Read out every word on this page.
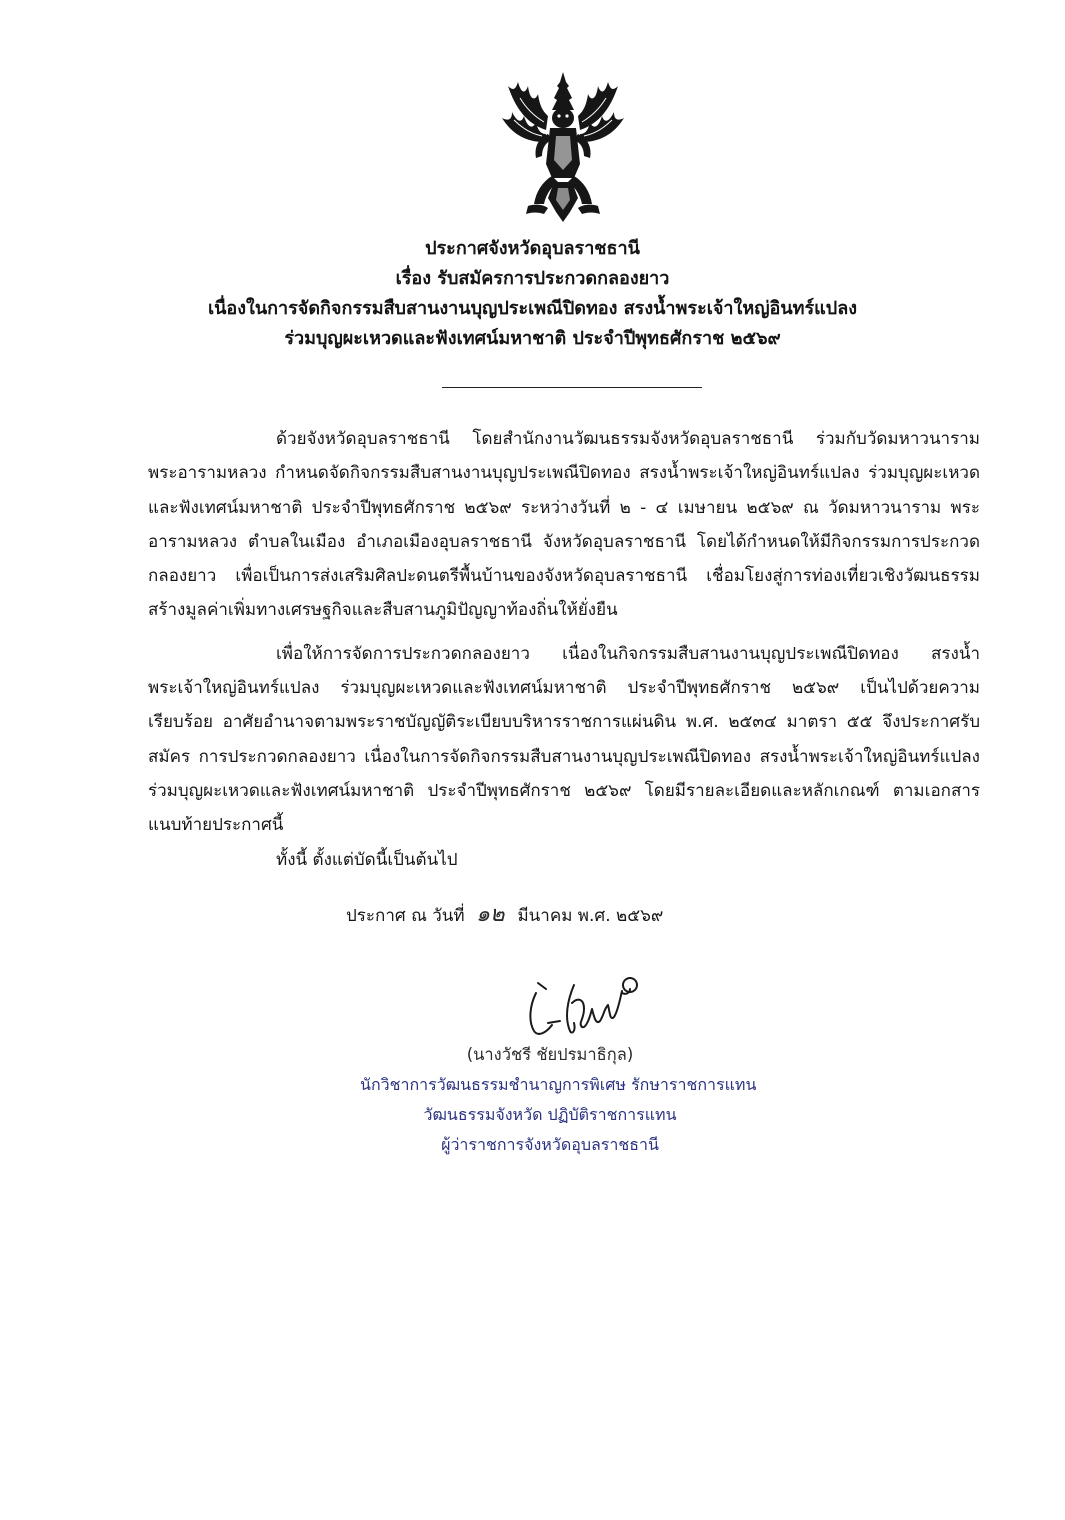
ประกาศจังหวัดอุบลราชธานี
เรื่อง รับสมัครการประกวดกลองยาว
เนื่องในการจัดกิจกรรมสืบสานงานบุญประเพณีปิดทอง สรงน้ำพระเจ้าใหญ่อินทร์แปลง
ร่วมบุญผะเหวดและฟังเทศน์มหาชาติ ประจำปีพุทธศักราช ๒๕๖๙

ด้วยจังหวัดอุบลราชธานี โดยสำนักงานวัฒนธรรมจังหวัดอุบลราชธานี ร่วมกับวัดมหาวนาราม พระอารามหลวง กำหนดจัดกิจกรรมสืบสานงานบุญประเพณีปิดทอง สรงน้ำพระเจ้าใหญ่อินทร์แปลง ร่วมบุญผะเหวดและฟังเทศน์มหาชาติ ประจำปีพุทธศักราช ๒๕๖๙ ระหว่างวันที่ ๒ - ๔ เมษายน ๒๕๖๙ ณ วัดมหาวนาราม พระอารามหลวง ตำบลในเมือง อำเภอเมืองอุบลราชธานี จังหวัดอุบลราชธานี โดยได้กำหนดให้มีกิจกรรมการประกวดกลองยาว เพื่อเป็นการส่งเสริมศิลปะดนตรีพื้นบ้านของจังหวัดอุบลราชธานี เชื่อมโยงสู่การท่องเที่ยวเชิงวัฒนธรรม สร้างมูลค่าเพิ่มทางเศรษฐกิจและสืบสานภูมิปัญญาท้องถิ่นให้ยั่งยืน

เพื่อให้การจัดการประกวดกลองยาว เนื่องในกิจกรรมสืบสานงานบุญประเพณีปิดทอง สรงน้ำพระเจ้าใหญ่อินทร์แปลง ร่วมบุญผะเหวดและฟังเทศน์มหาชาติ ประจำปีพุทธศักราช ๒๕๖๙ เป็นไปด้วยความเรียบร้อย อาศัยอำนาจตามพระราชบัญญัติระเบียบบริหารราชการแผ่นดิน พ.ศ. ๒๕๓๔ มาตรา ๕๕ จึงประกาศรับสมัคร การประกวดกลองยาว เนื่องในการจัดกิจกรรมสืบสานงานบุญประเพณีปิดทอง สรงน้ำพระเจ้าใหญ่อินทร์แปลง ร่วมบุญผะเหวดและฟังเทศน์มหาชาติ ประจำปีพุทธศักราช ๒๕๖๙ โดยมีรายละเอียดและหลักเกณฑ์ ตามเอกสารแนบท้ายประกาศนี้

ทั้งนี้ ตั้งแต่บัดนี้เป็นต้นไป
ประกาศ ณ วันที่ ๑๒ มีนาคม พ.ศ. ๒๕๖๙
(นางวัชรี ชัยปรมาธิกุล)
นักวิชาการวัฒนธรรมชำนาญการพิเศษ รักษาราชการแทน
วัฒนธรรมจังหวัด ปฏิบัติราชการแทน
ผู้ว่าราชการจังหวัดอุบลราชธานี
